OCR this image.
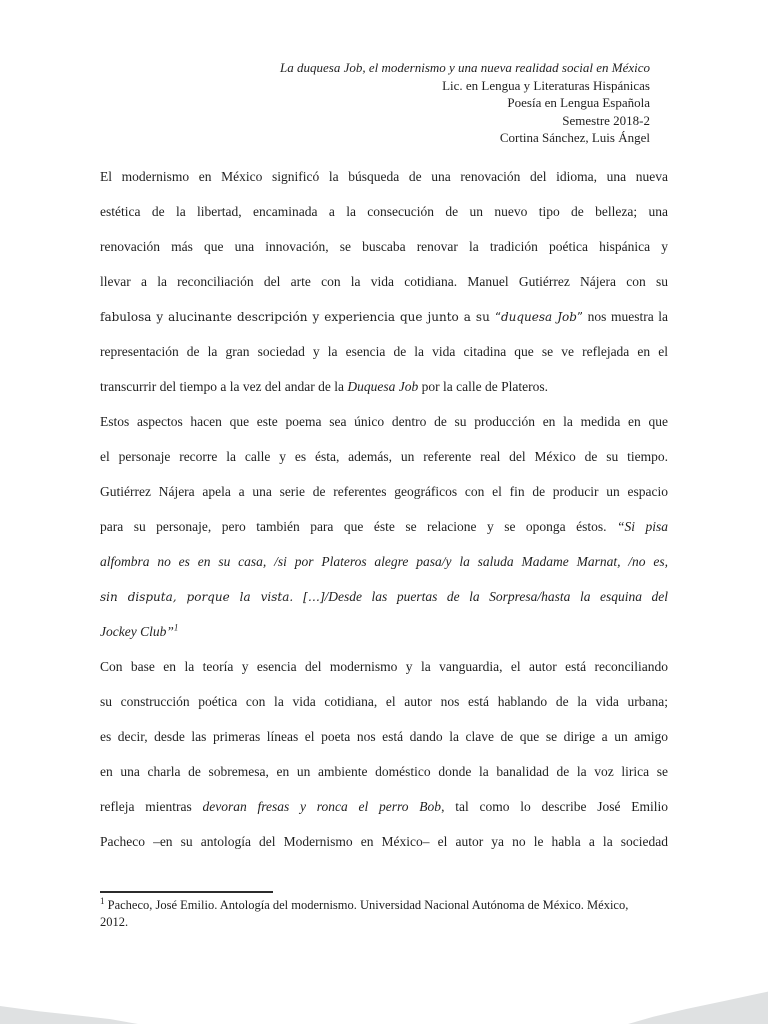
La duquesa Job, el modernismo y una nueva realidad social en México
Lic. en Lengua y Literaturas Hispánicas
Poesía en Lengua Española
Semestre 2018-2
Cortina Sánchez, Luis Ángel
El modernismo en México significó la búsqueda de una renovación del idioma, una nueva
estética de la libertad, encaminada a la consecución de un nuevo tipo de belleza; una
renovación más que una innovación, se buscaba renovar la tradición poética hispánica y
llevar a la reconciliación del arte con la vida cotidiana. Manuel Gutiérrez Nájera con su
fabulosa y alucinante descripción y experiencia que junto a su “duquesa Job” nos muestra la
representación de la gran sociedad y la esencia de la vida citadina que se ve reflejada en el
transcurrir del tiempo a la vez del andar de la Duquesa Job por la calle de Plateros.
Estos aspectos hacen que este poema sea único dentro de su producción en la medida en que
el personaje recorre la calle y es ésta, además, un referente real del México de su tiempo.
Gutiérrez Nájera apela a una serie de referentes geográficos con el fin de producir un espacio
para su personaje, pero también para que éste se relacione y se oponga éstos. “Si pisa
alfombra no es en su casa, /si por Plateros alegre pasa/y la saluda Madame Marnat, /no es,
sin disputa, porque la vista. […]/Desde las puertas de la Sorpresa/hasta la esquina del
Jockey Club”$^1$
Con base en la teoría y esencia del modernismo y la vanguardia, el autor está reconciliando
su construcción poética con la vida cotidiana, el autor nos está hablando de la vida urbana;
es decir, desde las primeras líneas el poeta nos está dando la clave de que se dirige a un amigo
en una charla de sobremesa, en un ambiente doméstico donde la banalidad de la voz lirica se
refleja mientras devoran fresas y ronca el perro Bob, tal como lo describe José Emilio
Pacheco –en su antología del Modernismo en México– el autor ya no le habla a la sociedad
$^1$ Pacheco, José Emilio. Antología del modernismo. Universidad Nacional Autónoma de México. México,
2012.
